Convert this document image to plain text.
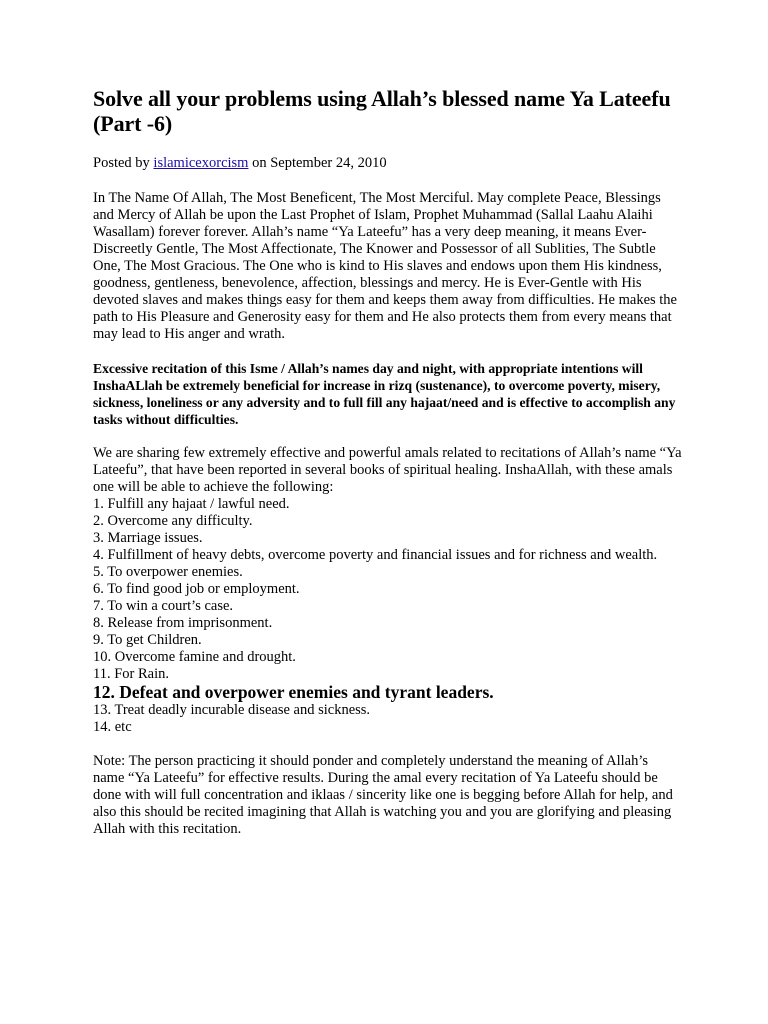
Solve all your problems using Allah’s blessed name Ya Lateefu (Part -6)
Posted by islamicexorcism on September 24, 2010
In The Name Of Allah, The Most Beneficent, The Most Merciful. May complete Peace, Blessings and Mercy of Allah be upon the Last Prophet of Islam, Prophet Muhammad (Sallal Laahu Alaihi Wasallam) forever forever. Allah’s name “Ya Lateefu” has a very deep meaning, it means Ever-Discreetly Gentle, The Most Affectionate, The Knower and Possessor of all Sublities, The Subtle One, The Most Gracious. The One who is kind to His slaves and endows upon them His kindness, goodness, gentleness, benevolence, affection, blessings and mercy. He is Ever-Gentle with His devoted slaves and makes things easy for them and keeps them away from difficulties. He makes the path to His Pleasure and Generosity easy for them and He also protects them from every means that may lead to His anger and wrath.
Excessive recitation of this Isme / Allah’s names day and night, with appropriate intentions will InshaALlah be extremely beneficial for increase in rizq (sustenance), to overcome poverty, misery, sickness, loneliness or any adversity and to full fill any hajaat/need and is effective to accomplish any tasks without difficulties.
We are sharing few extremely effective and powerful amals related to recitations of Allah’s name “Ya Lateefu”, that have been reported in several books of spiritual healing. InshaAllah, with these amals one will be able to achieve the following:
1. Fulfill any hajaat / lawful need.
2. Overcome any difficulty.
3. Marriage issues.
4. Fulfillment of heavy debts, overcome poverty and financial issues and for richness and wealth.
5. To overpower enemies.
6. To find good job or employment.
7. To win a court’s case.
8. Release from imprisonment.
9. To get Children.
10. Overcome famine and drought.
11. For Rain.
12. Defeat and overpower enemies and tyrant leaders.
13. Treat deadly incurable disease and sickness.
14. etc
Note: The person practicing it should ponder and completely understand the meaning of Allah’s name “Ya Lateefu” for effective results. During the amal every recitation of Ya Lateefu should be done with will full concentration and iklaas / sincerity like one is begging before Allah for help, and also this should be recited imagining that Allah is watching you and you are glorifying and pleasing Allah with this recitation.
